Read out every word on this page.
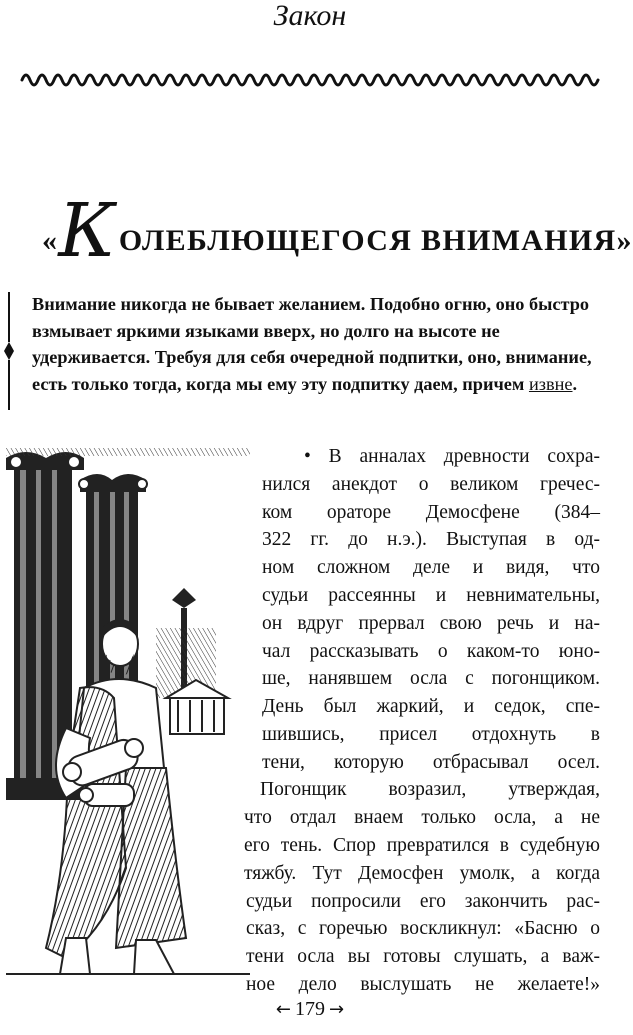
Закон
«КОЛЕБЛЮЩЕГОСЯ ВНИМАНИЯ»

Внимание никогда не бывает желанием. Подобно огню, оно быстро взмывает яркими языками вверх, но долго на высоте не удерживается. Требуя для себя очередной подпитки, оно, внимание, есть только тогда, когда мы ему эту подпитку даем, причем извне.

• В анналах древности сохра-
нился анекдот о великом гречес-
ком ораторе Демосфене (384–
322 гг. до н.э.). Выступая в од-
ном сложном деле и видя, что
судьи рассеянны и невнимательны,
он вдруг прервал свою речь и на-
чал рассказывать о каком-то юно-
ше, нанявшем осла с погонщиком.
День был жаркий, и седок, спе-
шившись, присел отдохнуть в
тени, которую отбрасывал осел.
Погонщик возразил, утверждая,
что отдал внаем только осла, а не
его тень. Спор превратился в судебную
тяжбу. Тут Демосфен умолк, а когда
судьи попросили его закончить рас-
сказ, с горечью воскликнул: «Басню о
тени осла вы готовы слушать, а важ-
ное дело выслушать не желаете!»
← 179 →
